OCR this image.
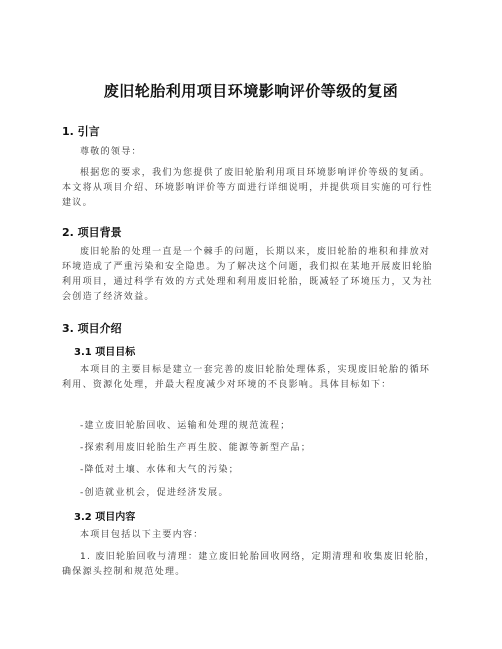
废旧轮胎利用项目环境影响评价等级的复函
1. 引言

尊敬的领导：

根据您的要求，我们为您提供了废旧轮胎利用项目环境影响评价等级的复函。本文将从项目介绍、环境影响评价等方面进行详细说明，并提供项目实施的可行性建议。

2. 项目背景

废旧轮胎的处理一直是一个棘手的问题，长期以来，废旧轮胎的堆积和排放对环境造成了严重污染和安全隐患。为了解决这个问题，我们拟在某地开展废旧轮胎利用项目，通过科学有效的方式处理和利用废旧轮胎，既减轻了环境压力，又为社会创造了经济效益。

3. 项目介绍
3.1 项目目标

本项目的主要目标是建立一套完善的废旧轮胎处理体系，实现废旧轮胎的循环利用、资源化处理，并最大程度减少对环境的不良影响。具体目标如下：

-建立废旧轮胎回收、运输和处理的规范流程；

-探索利用废旧轮胎生产再生胶、能源等新型产品；

-降低对土壤、水体和大气的污染；

-创造就业机会，促进经济发展。

3.2 项目内容

本项目包括以下主要内容：

1. 废旧轮胎回收与清理：建立废旧轮胎回收网络，定期清理和收集废旧轮胎，确保源头控制和规范处理。
